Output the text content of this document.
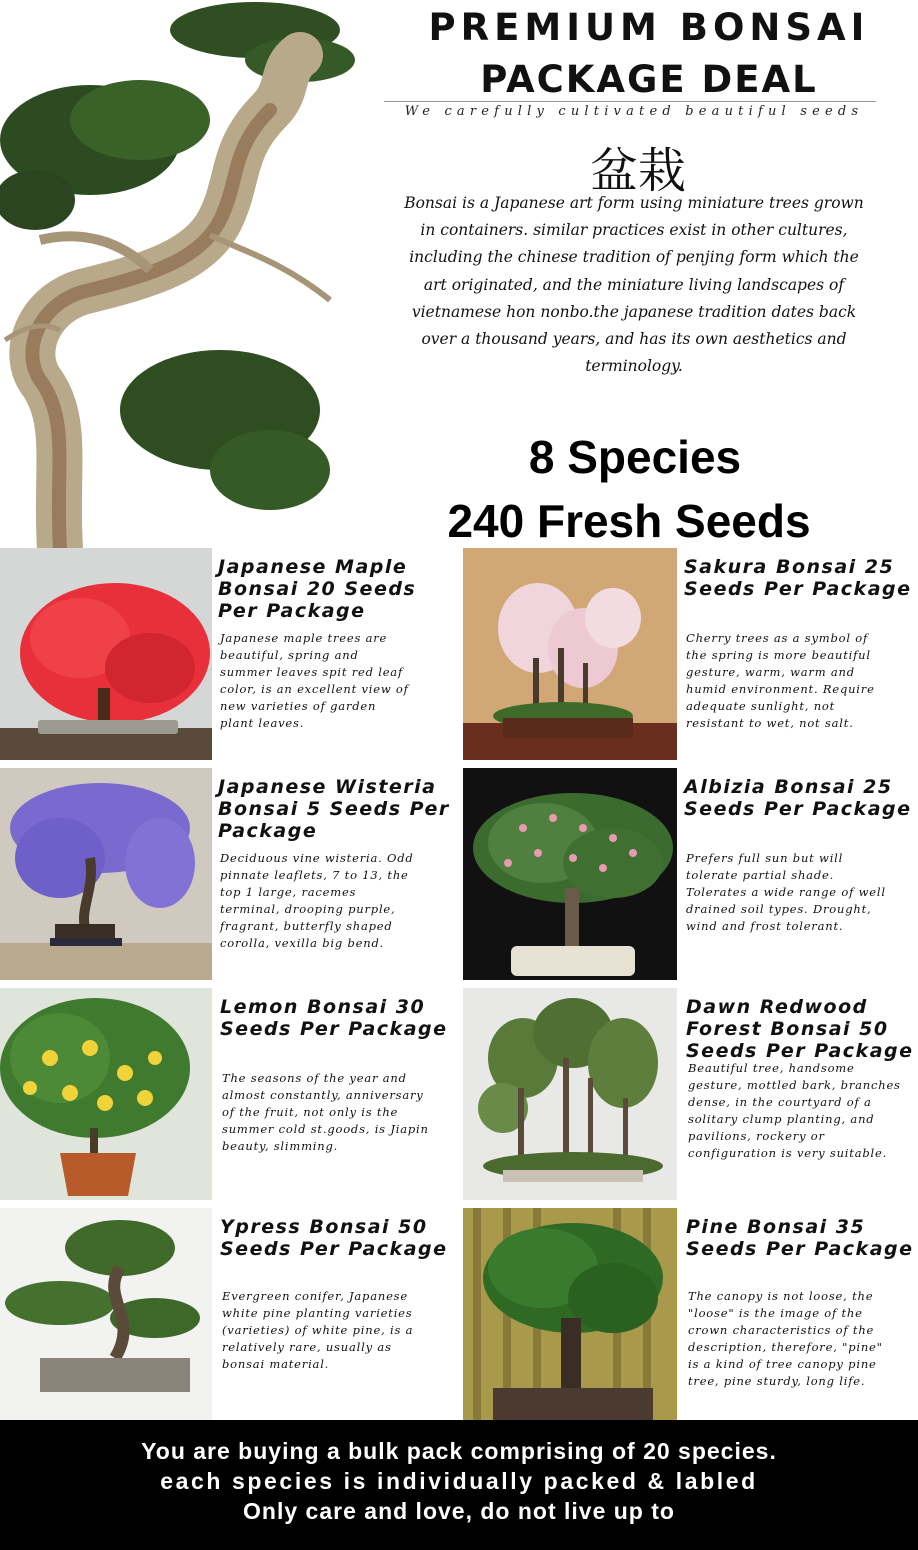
PREMIUM BONSAI
PACKAGE DEAL
We carefully cultivated beautiful seeds
盆栽
Bonsai is a Japanese art form using miniature trees grown in containers. similar practices exist in other cultures, including the chinese tradition of penjing form which the art originated, and the miniature living landscapes of vietnamese hon nonbo.the japanese tradition dates back over a thousand years, and has its own aesthetics and terminology.
8 Species
240 Fresh Seeds
Japanese Maple Bonsai 20 Seeds Per Package
Japanese maple trees are beautiful, spring and summer leaves spit red leaf color, is an excellent view of new varieties of garden plant leaves.
Sakura Bonsai 25 Seeds Per Package
Cherry trees as a symbol of the spring is more beautiful gesture, warm, warm and humid environment. Require adequate sunlight, not resistant to wet, not salt.
Japanese Wisteria Bonsai 5 Seeds Per Package
Deciduous vine wisteria. Odd pinnate leaflets, 7 to 13, the top 1 large, racemes terminal, drooping purple, fragrant, butterfly shaped corolla, vexilla big bend.
Albizia Bonsai 25 Seeds Per Package
Prefers full sun but will tolerate partial shade. Tolerates a wide range of well drained soil types. Drought, wind and frost tolerant.
Lemon Bonsai 30 Seeds Per Package
The seasons of the year and almost constantly, anniversary of the fruit, not only is the summer cold st.goods, is Jiapin beauty, slimming.
Dawn Redwood Forest Bonsai 50 Seeds Per Package
Beautiful tree, handsome gesture, mottled bark, branches dense, in the courtyard of a solitary clump planting, and pavilions, rockery or configuration is very suitable.
Ypress Bonsai 50 Seeds Per Package
Evergreen conifer, Japanese white pine planting varieties (varieties) of white pine, is a relatively rare, usually as bonsai material.
Pine Bonsai 35 Seeds Per Package
The canopy is not loose, the "loose" is the image of the crown characteristics of the description, therefore, "pine" is a kind of tree canopy pine tree, pine sturdy, long life.
You are buying a bulk pack comprising of 20 species.
each species is individually packed & labled
Only care and love, do not live up to
